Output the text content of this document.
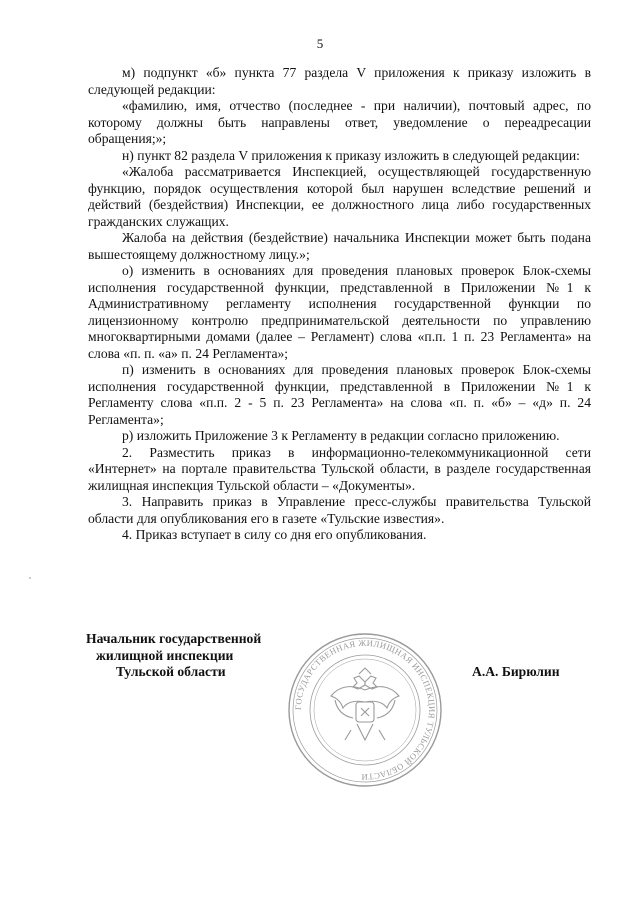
5

м) подпункт «б» пункта 77 раздела V приложения к приказу изложить в следующей редакции:

«фамилию, имя, отчество (последнее - при наличии), почтовый адрес, по которому должны быть направлены ответ, уведомление о переадресации обращения;»;

н) пункт 82 раздела V приложения к приказу изложить в следующей редакции:

«Жалоба рассматривается Инспекцией, осуществляющей государственную функцию, порядок осуществления которой был нарушен вследствие решений и действий (бездействия) Инспекции, ее должностного лица либо государственных гражданских служащих.

Жалоба на действия (бездействие) начальника Инспекции может быть подана вышестоящему должностному лицу.»;

о) изменить в основаниях для проведения плановых проверок Блок-схемы исполнения государственной функции, представленной в Приложении №1 к Административному регламенту исполнения государственной функции по лицензионному контролю предпринимательской деятельности по управлению многоквартирными домами (далее – Регламент) слова «п.п. 1 п. 23 Регламента» на слова «п. п. «а» п. 24 Регламента»;

п) изменить в основаниях для проведения плановых проверок Блок-схемы исполнения государственной функции, представленной в Приложении №1 к Регламенту слова «п.п. 2 - 5 п. 23 Регламента» на слова «п. п. «б» – «д» п. 24 Регламента»;

р) изложить Приложение 3 к Регламенту в редакции согласно приложению.

2. Разместить приказ в информационно-телекоммуникационной сети «Интернет» на портале правительства Тульской области, в разделе государственная жилищная инспекция Тульской области – «Документы».

3. Направить приказ в Управление пресс-службы правительства Тульской области для опубликования его в газете «Тульские известия».

4. Приказ вступает в силу со дня его опубликования.

Начальник государственной
жилищной инспекции
Тульской области
ГОСУДАРСТВЕННАЯ ЖИЛИЩНАЯ ИНСПЕКЦИЯ ТУЛЬСКОЙ ОБЛАСТИ
А.А. Бирюлин
